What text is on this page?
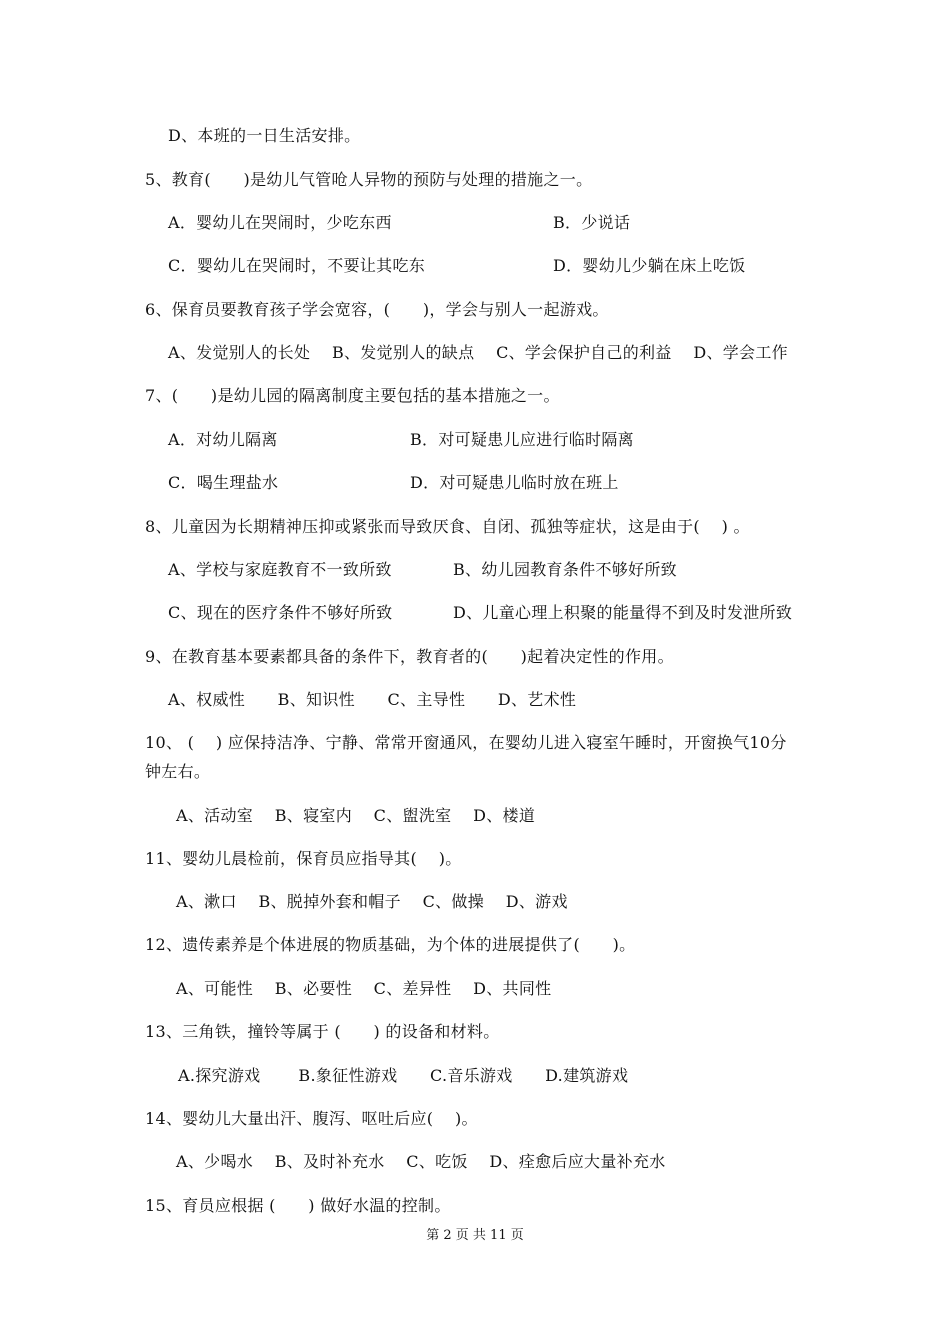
D、本班的一日生活安排。
5、教育(　　)是幼儿气管呛人异物的预防与处理的措施之一。
A．婴幼儿在哭闹时，少吃东西	B．少说话
C．婴幼儿在哭闹时，不要让其吃东	D．婴幼儿少躺在床上吃饭
6、保育员要教育孩子学会宽容，(　　)，学会与别人一起游戏。
A、发觉别人的长处　 B、发觉别人的缺点　 C、学会保护自己的利益　 D、学会工作
7、(　　)是幼儿园的隔离制度主要包括的基本措施之一。
A．对幼儿隔离	B．对可疑患儿应进行临时隔离
C．喝生理盐水	D．对可疑患儿临时放在班上
8、儿童因为长期精神压抑或紧张而导致厌食、自闭、孤独等症状，这是由于(　 ) 。
A、学校与家庭教育不一致所致	B、幼儿园教育条件不够好所致
C、现在的医疗条件不够好所致	D、儿童心理上积聚的能量得不到及时发泄所致
9、在教育基本要素都具备的条件下，教育者的(　　)起着决定性的作用。
A、权威性　　B、知识性　　C、主导性　　D、艺术性
10、 (　 ) 应保持洁净、宁静、常常开窗通风，在婴幼儿进入寝室午睡时，开窗换气10分
钟左右。
A、活动室　 B、寝室内　 C、盥洗室　 D、楼道
11、婴幼儿晨检前，保育员应指导其(　 )。
A、漱口　 B、脱掉外套和帽子　 C、做操　 D、游戏
12、遗传素养是个体进展的物质基础，为个体的进展提供了(　　)。
A、可能性　 B、必要性　 C、差异性　 D、共同性
13、三角铁，撞铃等属于 (　　) 的设备和材料。
A.探究游戏　　 B.象征性游戏　　C.音乐游戏　　D.建筑游戏
14、婴幼儿大量出汗、腹泻、呕吐后应(　 )。
A、少喝水　 B、及时补充水　 C、吃饭　 D、痊愈后应大量补充水
15、育员应根据 (　　) 做好水温的控制。
第 2 页 共 11 页
